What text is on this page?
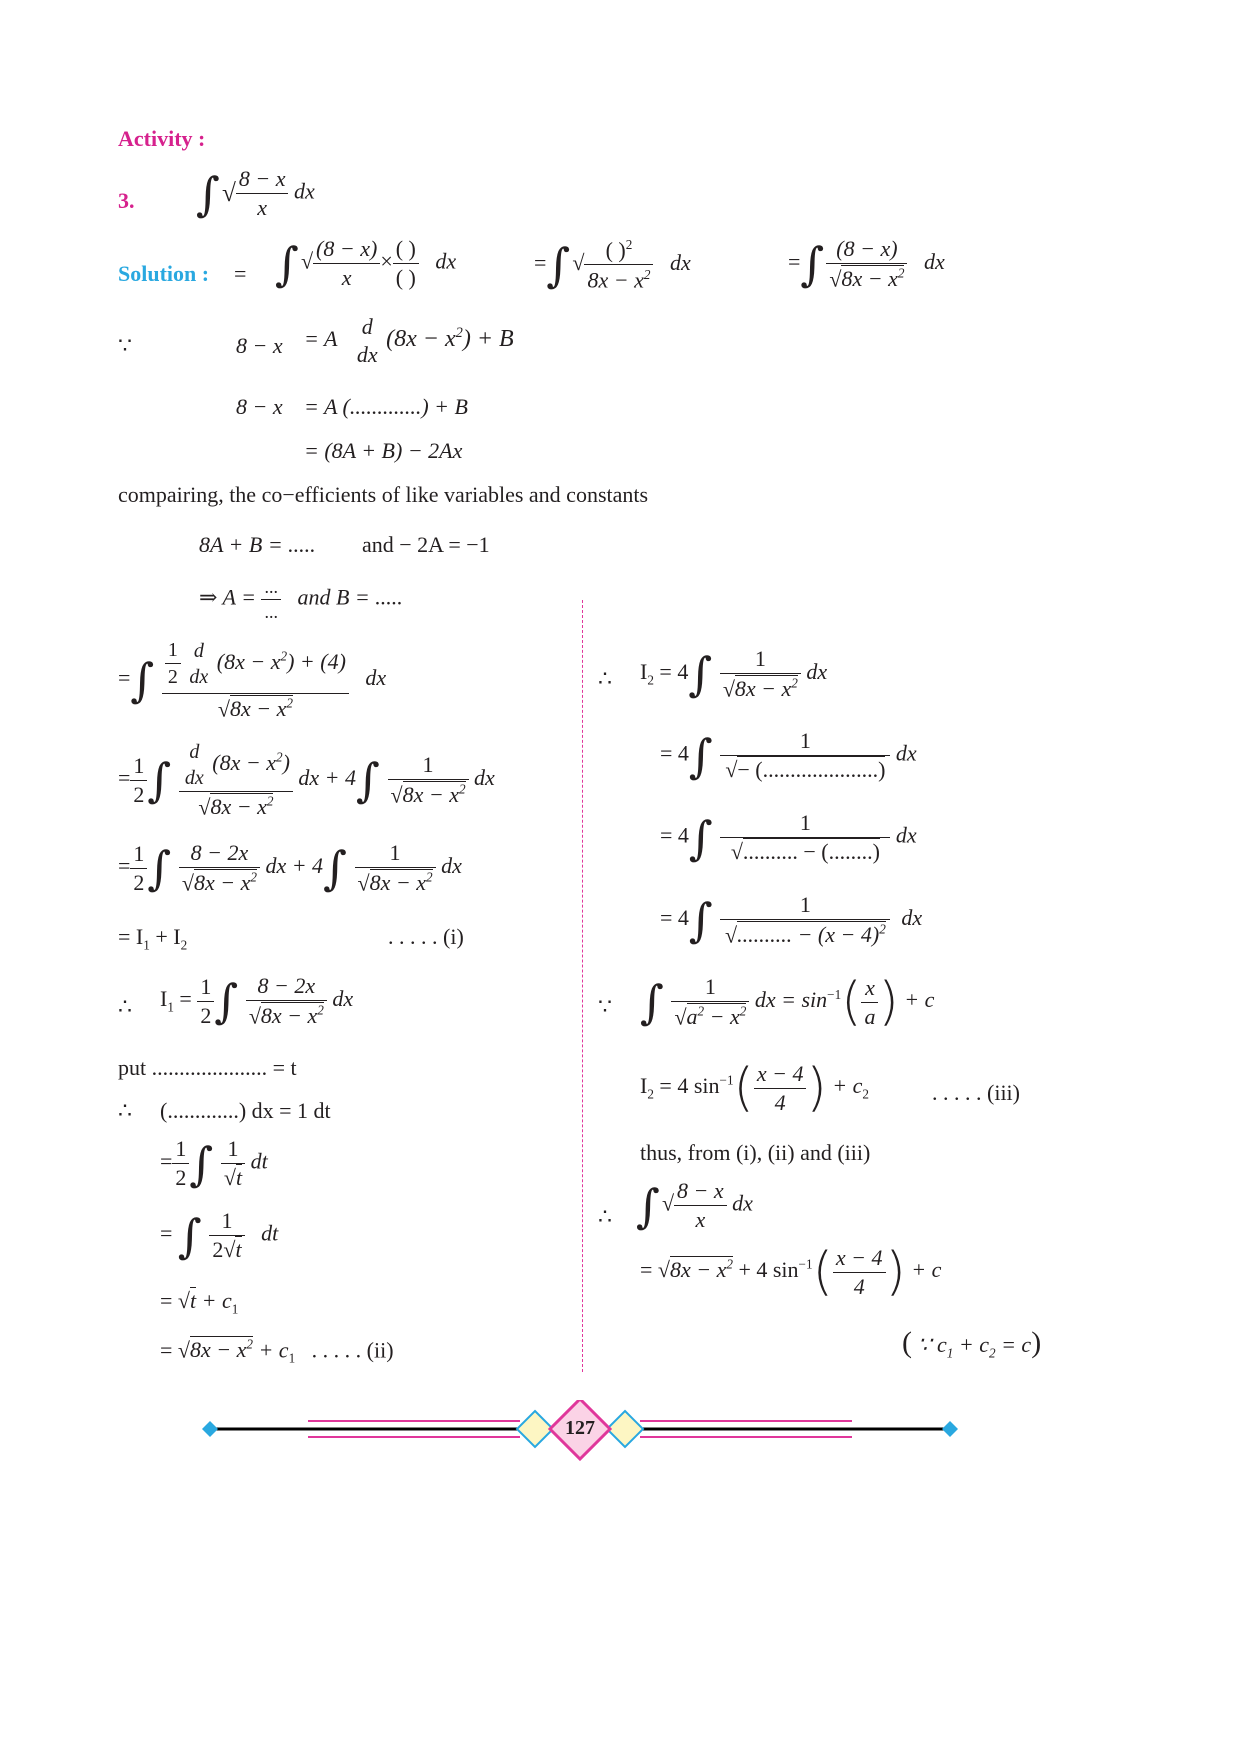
Activity :
3. ∫√ $\frac{8 - x}{x}$ dx
Solution : = ∫√ $\frac{(8 - x)}{x} \times \frac{( )}{( )}$ dx	=∫√ $\frac{( )^2}{8x - x^2}$ dx	=∫ $\frac{(8 - x)}{√8x - x^2}$ dx
∵	8 − x = A	d
dx
$(8x - x^2) + B$
8 − x = A (.............) + B
= (8A + B) − 2Ax
compairing, the co−efficients of like variables and constants
8A + B = ..... and − 2A = −1
⇒ $A = \frac{...}{...}$ and B = .....
=∫ $\frac{1}{2}$
d
dx
$(8x - x^2) + (4)$
$√8x - x^2$ dx
= $\frac{1}{2}$ ∫ d
dx
$(8x - x^2)$
$√8x - x^2$ dx + $4\int \frac{1}{√8x - x^2}$ dx
= $\frac{1}{2}$ ∫ $\frac{8 - 2x}{√8x - x^2}$ dx + $4\int \frac{1}{√8x - x^2}$ dx
= $I_1 + I_2$	. . . . . (i)
∴ $I_1 = \frac{1}{2}$ ∫ $\frac{8 - 2x}{√8x - x^2}$ dx
put ..................... = t
∴ (.............) dx = 1 dt
= $\frac{1}{2}$ ∫ $\frac{1}{√t}$ dt
= ∫ $\frac{1}{2√t}$ dt
= $√t + c_1$
= $√8x - x^2 + c_1$ . . . . . (ii)
∴ $I_2 = 4\int \frac{1}{√8x - x^2}$ dx
= $4\int \frac{1}{√- (.....................)}$ dx
= $4\int \frac{1}{√.......... - (........)}$ dx
= $4\int \frac{1}{√.......... - (x - 4)^2}$ dx
∵ ∫ $\frac{1}{√a^2 - x^2}$ dx = $\sin^{-1}( \frac{x}{a}$ ) + c
$I_2 = 4$ $\sin^{-1}( \frac{x - 4}{4}$ ) + $c_2$	. . . . . (iii)
thus, from (i), (ii) and (iii)
∴ ∫√ $\frac{8 - x}{x}$ dx
= $√8x - x^2 + 4$ $\sin^{-1}( \frac{x - 4}{4}$ ) + c
( ∵ $c_1 + c_2 = c$)
127
